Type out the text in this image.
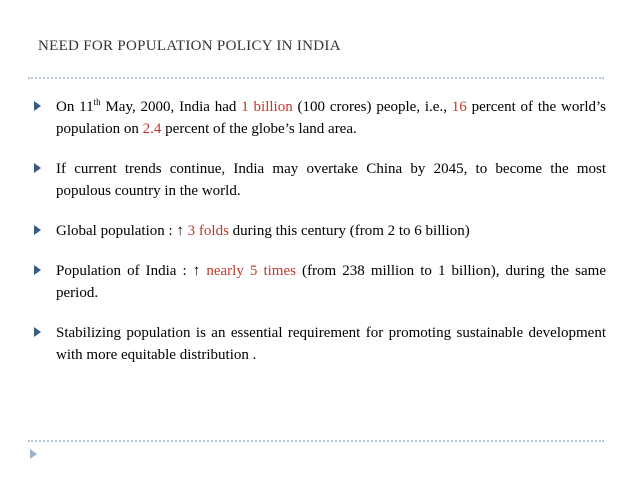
NEED FOR POPULATION POLICY IN INDIA
On 11th May, 2000, India had 1 billion (100 crores) people, i.e., 16 percent of the world’s population on 2.4 percent of the globe’s land area.
If current trends continue, India may overtake China by 2045, to become the most populous country in the world.
Global population : ↑ 3 folds during this century (from 2 to 6 billion)
Population of India : ↑ nearly 5 times (from 238 million to 1 billion), during the same period.
Stabilizing population is an essential requirement for promoting sustainable development with more equitable distribution .
